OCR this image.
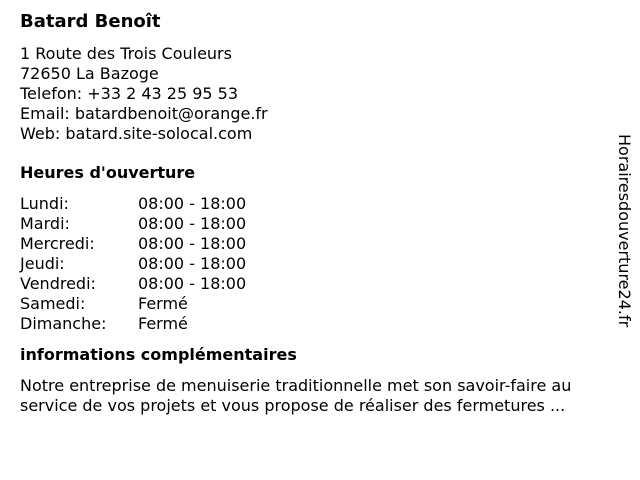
Batard Benoît
1 Route des Trois Couleurs
72650 La Bazoge
Telefon: +33 2 43 25 95 53
Email: batardbenoit@orange.fr
Web: batard.site-solocal.com
Heures d'ouverture
Lundi:	08:00 - 18:00
Mardi:	08:00 - 18:00
Mercredi:	08:00 - 18:00
Jeudi:	08:00 - 18:00
Vendredi:	08:00 - 18:00
Samedi:	Fermé
Dimanche:	Fermé
informations complémentaires
Notre entreprise de menuiserie traditionnelle met son savoir-faire au service de vos projets et vous propose de réaliser des fermetures ...
Horairesdouverture24.fr
